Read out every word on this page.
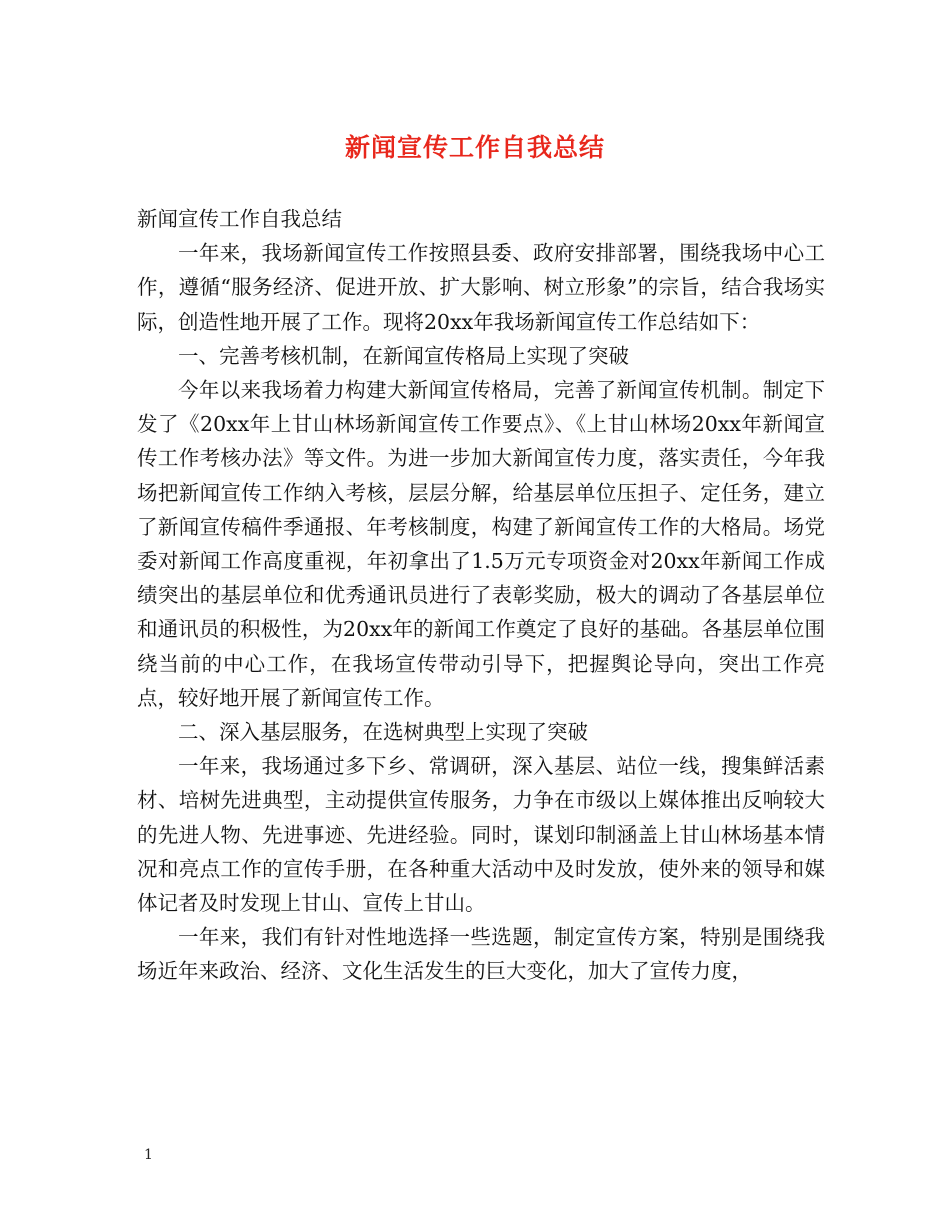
新闻宣传工作自我总结

新闻宣传工作自我总结

一年来，我场新闻宣传工作按照县委、政府安排部署，围绕我场中心工作，遵循“服务经济、促进开放、扩大影响、树立形象”的宗旨，结合我场实际，创造性地开展了工作。现将20xx年我场新闻宣传工作总结如下：

一、完善考核机制，在新闻宣传格局上实现了突破

今年以来我场着力构建大新闻宣传格局，完善了新闻宣传机制。制定下发了《20xx年上甘山林场新闻宣传工作要点》、《上甘山林场20xx年新闻宣传工作考核办法》等文件。为进一步加大新闻宣传力度，落实责任，今年我场把新闻宣传工作纳入考核，层层分解，给基层单位压担子、定任务，建立了新闻宣传稿件季通报、年考核制度，构建了新闻宣传工作的大格局。场党委对新闻工作高度重视，年初拿出了1.5万元专项资金对20xx年新闻工作成绩突出的基层单位和优秀通讯员进行了表彰奖励，极大的调动了各基层单位和通讯员的积极性，为20xx年的新闻工作奠定了良好的基础。各基层单位围绕当前的中心工作，在我场宣传带动引导下，把握舆论导向，突出工作亮点，较好地开展了新闻宣传工作。

二、深入基层服务，在选树典型上实现了突破

一年来，我场通过多下乡、常调研，深入基层、站位一线，搜集鲜活素材、培树先进典型，主动提供宣传服务，力争在市级以上媒体推出反响较大的先进人物、先进事迹、先进经验。同时，谋划印制涵盖上甘山林场基本情况和亮点工作的宣传手册，在各种重大活动中及时发放，使外来的领导和媒体记者及时发现上甘山、宣传上甘山。

一年来，我们有针对性地选择一些选题，制定宣传方案，特别是围绕我场近年来政治、经济、文化生活发生的巨大变化，加大了宣传力度，

1
